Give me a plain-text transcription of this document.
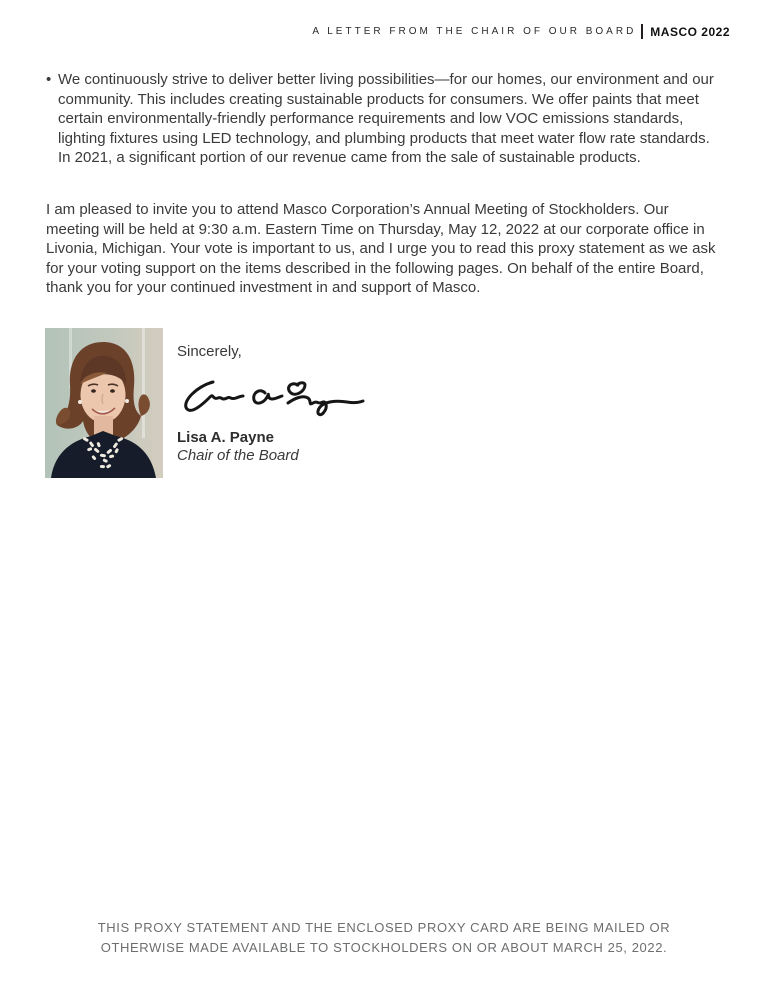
A LETTER FROM THE CHAIR OF OUR BOARD MASCO 2022
• We continuously strive to deliver better living possibilities—for our homes, our environment and our community. This includes creating sustainable products for consumers. We offer paints that meet certain environmentally-friendly performance requirements and low VOC emissions standards, lighting fixtures using LED technology, and plumbing products that meet water flow rate standards. In 2021, a significant portion of our revenue came from the sale of sustainable products.
I am pleased to invite you to attend Masco Corporation’s Annual Meeting of Stockholders. Our meeting will be held at 9:30 a.m. Eastern Time on Thursday, May 12, 2022 at our corporate office in Livonia, Michigan. Your vote is important to us, and I urge you to read this proxy statement as we ask for your voting support on the items described in the following pages. On behalf of the entire Board, thank you for your continued investment in and support of Masco.
Sincerely,
Lisa A. Payne
Chair of the Board
THIS PROXY STATEMENT AND THE ENCLOSED PROXY CARD ARE BEING MAILED OR
OTHERWISE MADE AVAILABLE TO STOCKHOLDERS ON OR ABOUT MARCH 25, 2022.
